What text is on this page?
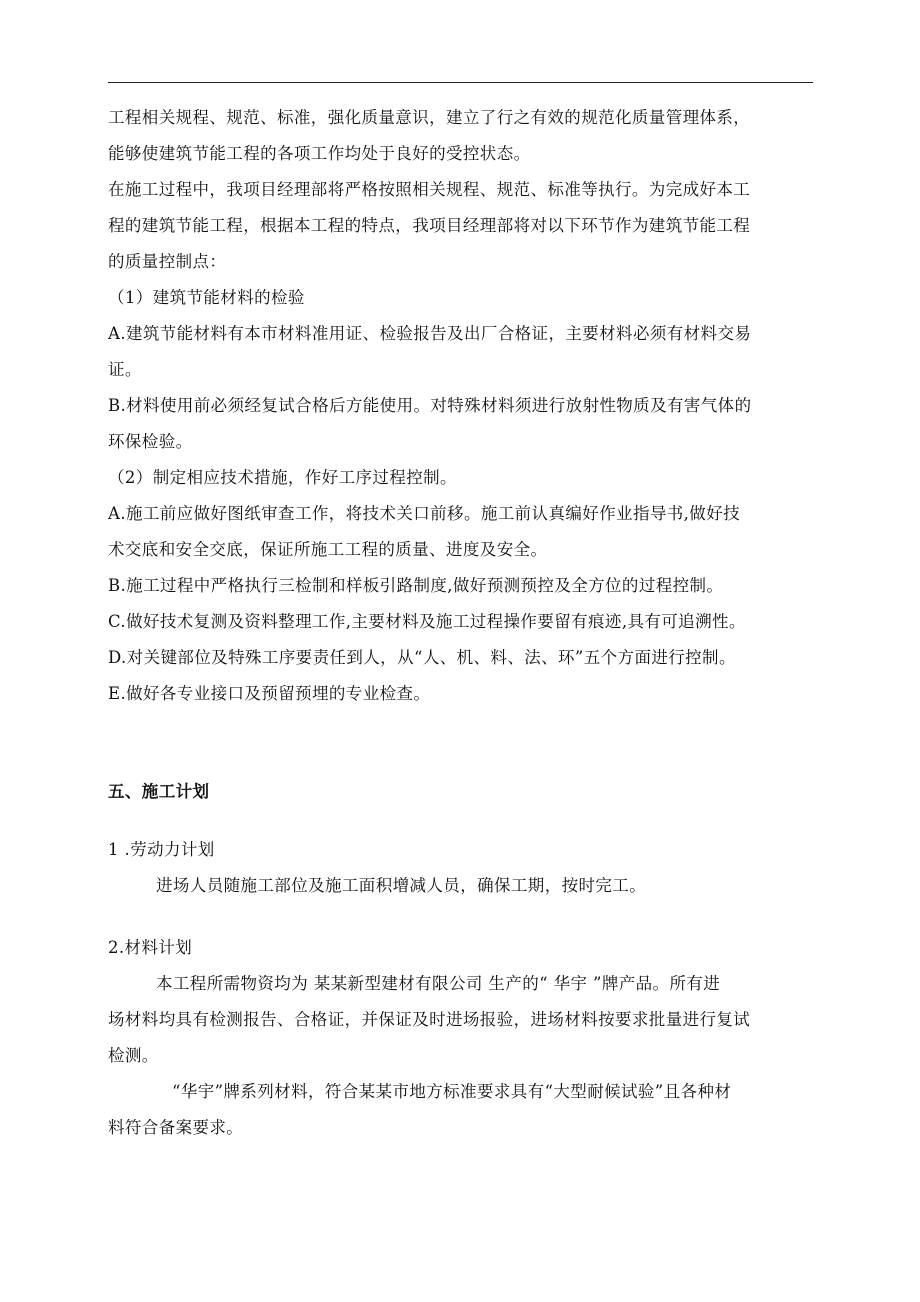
工程相关规程、规范、标准，强化质量意识，建立了行之有效的规范化质量管理体系，
能够使建筑节能工程的各项工作均处于良好的受控状态。
在施工过程中，我项目经理部将严格按照相关规程、规范、标准等执行。为完成好本工
程的建筑节能工程，根据本工程的特点，我项目经理部将对以下环节作为建筑节能工程
的质量控制点：
（1）建筑节能材料的检验
A.建筑节能材料有本市材料准用证、检验报告及出厂合格证，主要材料必须有材料交易
证。
B.材料使用前必须经复试合格后方能使用。对特殊材料须进行放射性物质及有害气体的
环保检验。
（2）制定相应技术措施，作好工序过程控制。
A.施工前应做好图纸审查工作，将技术关口前移。施工前认真编好作业指导书,做好技
术交底和安全交底，保证所施工工程的质量、进度及安全。
B.施工过程中严格执行三检制和样板引路制度,做好预测预控及全方位的过程控制。
C.做好技术复测及资料整理工作,主要材料及施工过程操作要留有痕迹,具有可追溯性。
D.对关键部位及特殊工序要责任到人，从“人、机、料、法、环”五个方面进行控制。
E.做好各专业接口及预留预埋的专业检查。
五、施工计划
1 .劳动力计划
进场人员随施工部位及施工面积增减人员，确保工期，按时完工。
2.材料计划
本工程所需物资均为 某某新型建材有限公司 生产的“ 华宇 ”牌产品。所有进
场材料均具有检测报告、合格证，并保证及时进场报验，进场材料按要求批量进行复试
检测。
“华宇”牌系列材料，符合某某市地方标准要求具有“大型耐候试验”且各种材
料符合备案要求。
